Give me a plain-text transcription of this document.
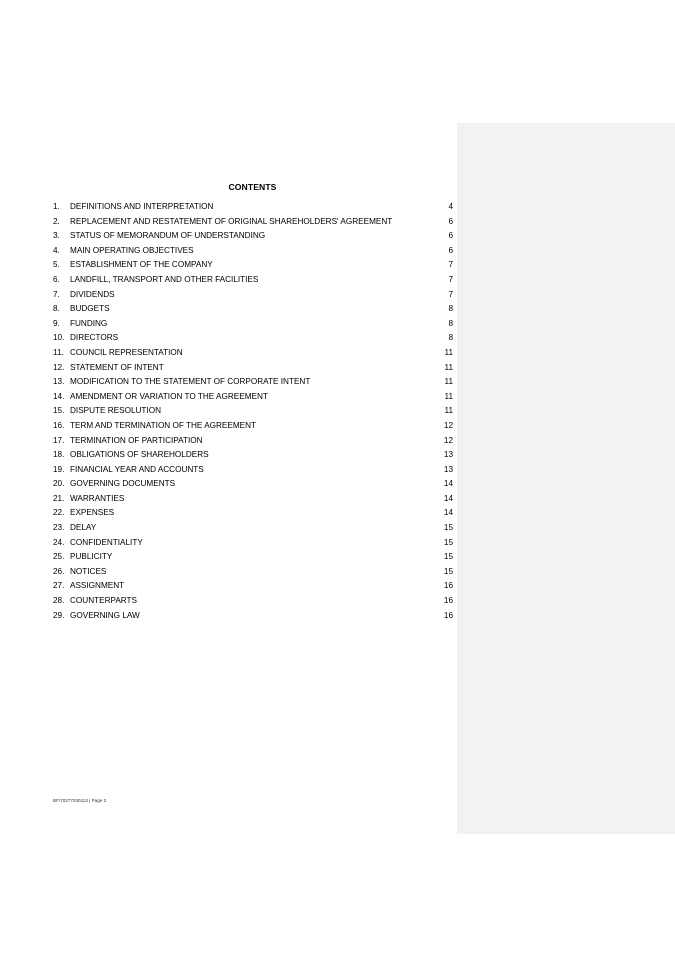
CONTENTS
1. DEFINITIONS AND INTERPRETATION	4
2. REPLACEMENT AND RESTATEMENT OF ORIGINAL SHAREHOLDERS' AGREEMENT	6
3. STATUS OF MEMORANDUM OF UNDERSTANDING	6
4. MAIN OPERATING OBJECTIVES	6
5. ESTABLISHMENT OF THE COMPANY	7
6. LANDFILL, TRANSPORT AND OTHER FACILITIES	7
7. DIVIDENDS	7
8. BUDGETS	8
9. FUNDING	8
10. DIRECTORS	8
11. COUNCIL REPRESENTATION	11
12. STATEMENT OF INTENT	11
13. MODIFICATION TO THE STATEMENT OF CORPORATE INTENT	11
14. AMENDMENT OR VARIATION TO THE AGREEMENT	11
15. DISPUTE RESOLUTION	11
16. TERM AND TERMINATION OF THE AGREEMENT	12
17. TERMINATION OF PARTICIPATION	12
18. OBLIGATIONS OF SHAREHOLDERS	13
19. FINANCIAL YEAR AND ACCOUNTS	13
20. GOVERNING DOCUMENTS	14
21. WARRANTIES	14
22. EXPENSES	14
23. DELAY	15
24. CONFIDENTIALITY	15
25. PUBLICITY	15
26. NOTICES	15
27. ASSIGNMENT	16
28. COUNTERPARTS	16
29. GOVERNING LAW	16
BF\70277030113 | Page 2
